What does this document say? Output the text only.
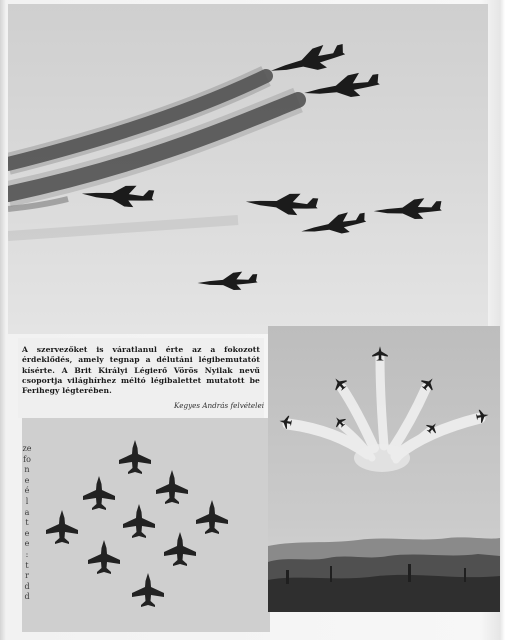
A szervezőket is váratlanul érte az a fokozott érdeklődés, amely tegnap a délutáni légibemutatót kísérte. A Brit Királyi Légierő Vörös Nyilak nevű csoportja világhírhez méltó légibalettet mutatott be Ferihegy légterében.

Kegyes András felvételei
ze
fo
n
e
é
l
a
t
e
e
:
t
r
d
d
